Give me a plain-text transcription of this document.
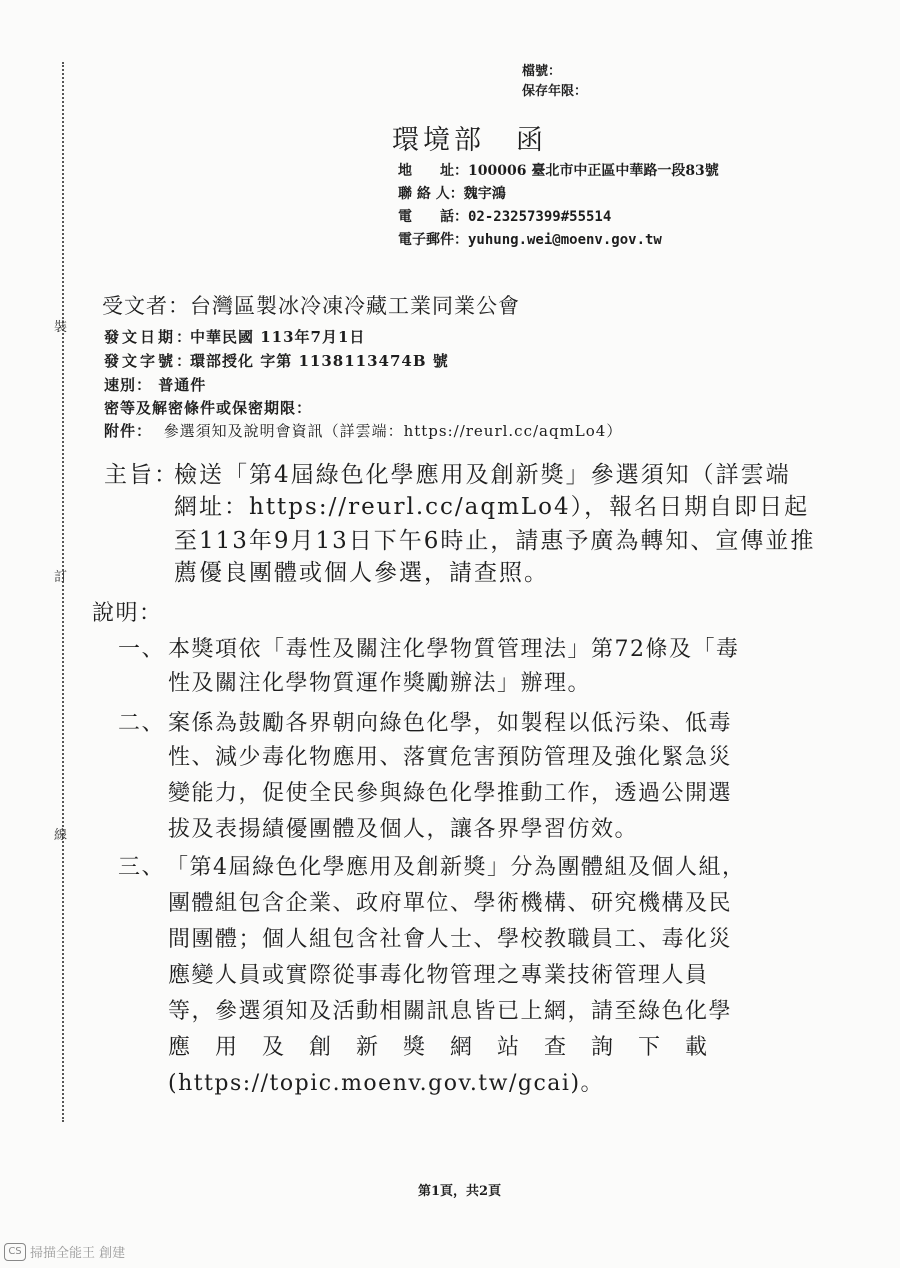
裝
訂
線
檔號：
保存年限：
環境部　函
地　　址：100006 臺北市中正區中華路一段83號
聯 絡 人：魏宇鴻
電　　話：02-23257399#55514
電子郵件：yuhung.wei@moenv.gov.tw
受文者：台灣區製冰冷凍冷藏工業同業公會
發文日期：中華民國 113年7月1日
發文字號：環部授化 字第 1138113474B 號
速別： 普通件
密等及解密條件或保密期限：
附件： 參選須知及說明會資訊（詳雲端：https://reurl.cc/aqmLo4）
主旨：
檢送「第4屆綠色化學應用及創新獎」參選須知（詳雲端
網址：https://reurl.cc/aqmLo4），報名日期自即日起
至113年9月13日下午6時止，請惠予廣為轉知、宣傳並推
薦優良團體或個人參選，請查照。
說明：
一、 本獎項依「毒性及關注化學物質管理法」第72條及「毒
性及關注化學物質運作獎勵辦法」辦理。
二、 案係為鼓勵各界朝向綠色化學，如製程以低污染、低毒
性、減少毒化物應用、落實危害預防管理及強化緊急災
變能力，促使全民參與綠色化學推動工作，透過公開選
拔及表揚績優團體及個人，讓各界學習仿效。
三、 「第4屆綠色化學應用及創新獎」分為團體組及個人組，
團體組包含企業、政府單位、學術機構、研究機構及民
間團體；個人組包含社會人士、學校教職員工、毒化災
應變人員或實際從事毒化物管理之專業技術管理人員
等，參選須知及活動相關訊息皆已上網，請至綠色化學
應　用　及　創　新　獎　網　站　查　詢　下　載
(https://topic.moenv.gov.tw/gcai)。
第1頁，共2頁
CS 掃描全能王 創建
